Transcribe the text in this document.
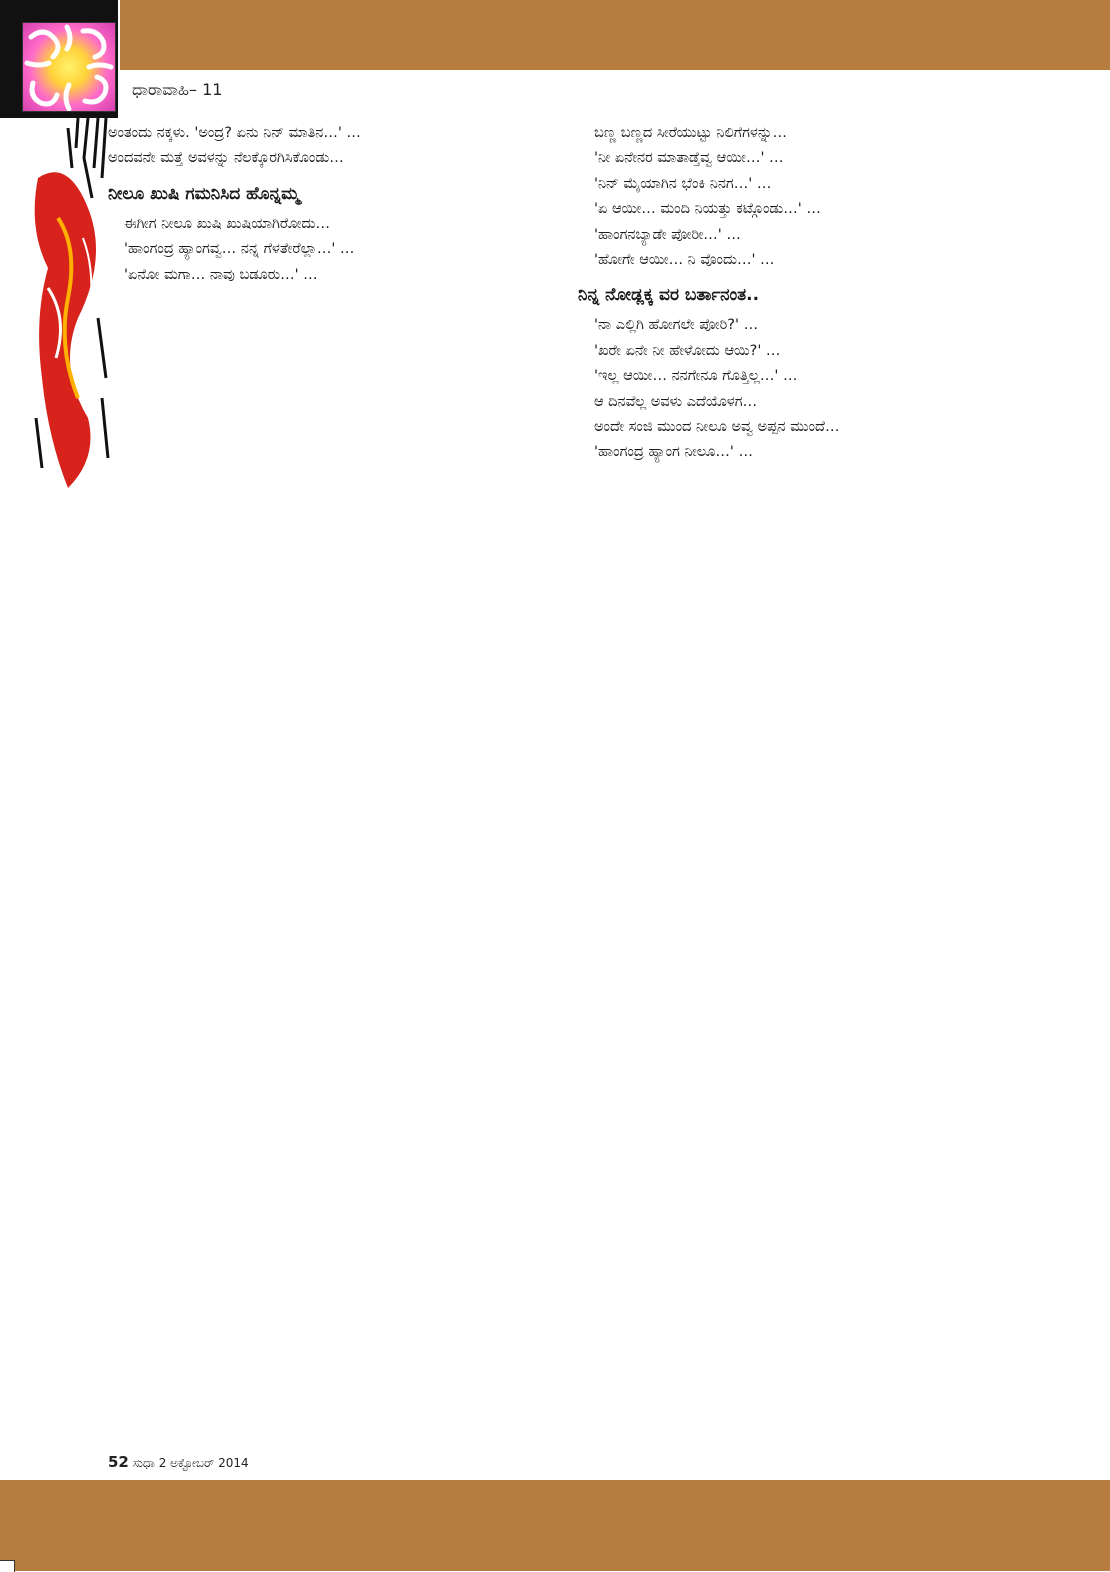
ಧಾರಾವಾಹಿ– 11

ಅಂತಂದು ನಕ್ಕಳು. 'ಅಂದ್ರ? ಏನು ನಿನ್ ಮಾತಿನ…' …

ಅಂದವನೇ ಮತ್ತೆ ಅವಳನ್ನು ನೆಲಕ್ಕೊರಗಿಸಿಕೊಂಡು…

ನೀಲೂ ಖುಷಿ ಗಮನಿಸಿದ ಹೊನ್ನಮ್ಮ

ಈಗೀಗ ನೀಲೂ ಖುಷಿ ಖುಷಿಯಾಗಿರೋದು…

'ಹಾಂಗಂದ್ರ ಹ್ಯಾಂಗವ್ವ… ನನ್ನ ಗೆಳತೇರೆಲ್ಲಾ…' …

'ಏನೋ ಮಗಾ… ನಾವು ಬಡೂರು…' …

ಬಣ್ಣ ಬಣ್ಣದ ಸೀರೆಯುಟ್ಟು ನಿಲಿಗೆಗಳನ್ನು…

'ನೀ ಏನೇನರ ಮಾತಾಡ್ತೆವ್ವ ಆಯೀ…' …

'ನಿನ್ ಮೈಯಾಗಿನ ಭೆಂಕಿ ನಿನಗ…' …

'ಏ ಆಯೀ… ಮಂದಿ ನಿಯತ್ತು ಕಟ್ಗೊಂಡು…' …

'ಹಾಂಗನಬ್ಯಾಡೇ ಪೋರೀ…' …

'ಹೋಗೇ ಆಯೀ… ನಿ ವೊಂದು…' …

ನಿನ್ನ ನೋಡ್ಲಕ್ಕ ವರ ಬರ್ತಾನಂತ..

'ನಾ ಎಲ್ಲಿಗಿ ಹೋಗಲೇ ಪೋರಿ?' …

'ಖರೇ ಏನೇ ನೀ ಹೇಳೋದು ಆಯಿ?' …

'ಇಲ್ಲ ಆಯೀ… ನನಗೇನೂ ಗೊತ್ತಿಲ್ಲ…' …

ಆ ದಿನವೆಲ್ಲ ಅವಳು ಎದೆಯೊಳಗ…

ಅಂದೇ ಸಂಜಿ ಮುಂದ ನೀಲೂ ಅವ್ವ ಅಪ್ಪನ ಮುಂದೆ…

'ಹಾಂಗಂದ್ರ ಹ್ಯಾಂಗ ನೀಲೂ…' …

52 ಸುಧಾ 2 ಅಕ್ಟೋಬರ್ 2014
